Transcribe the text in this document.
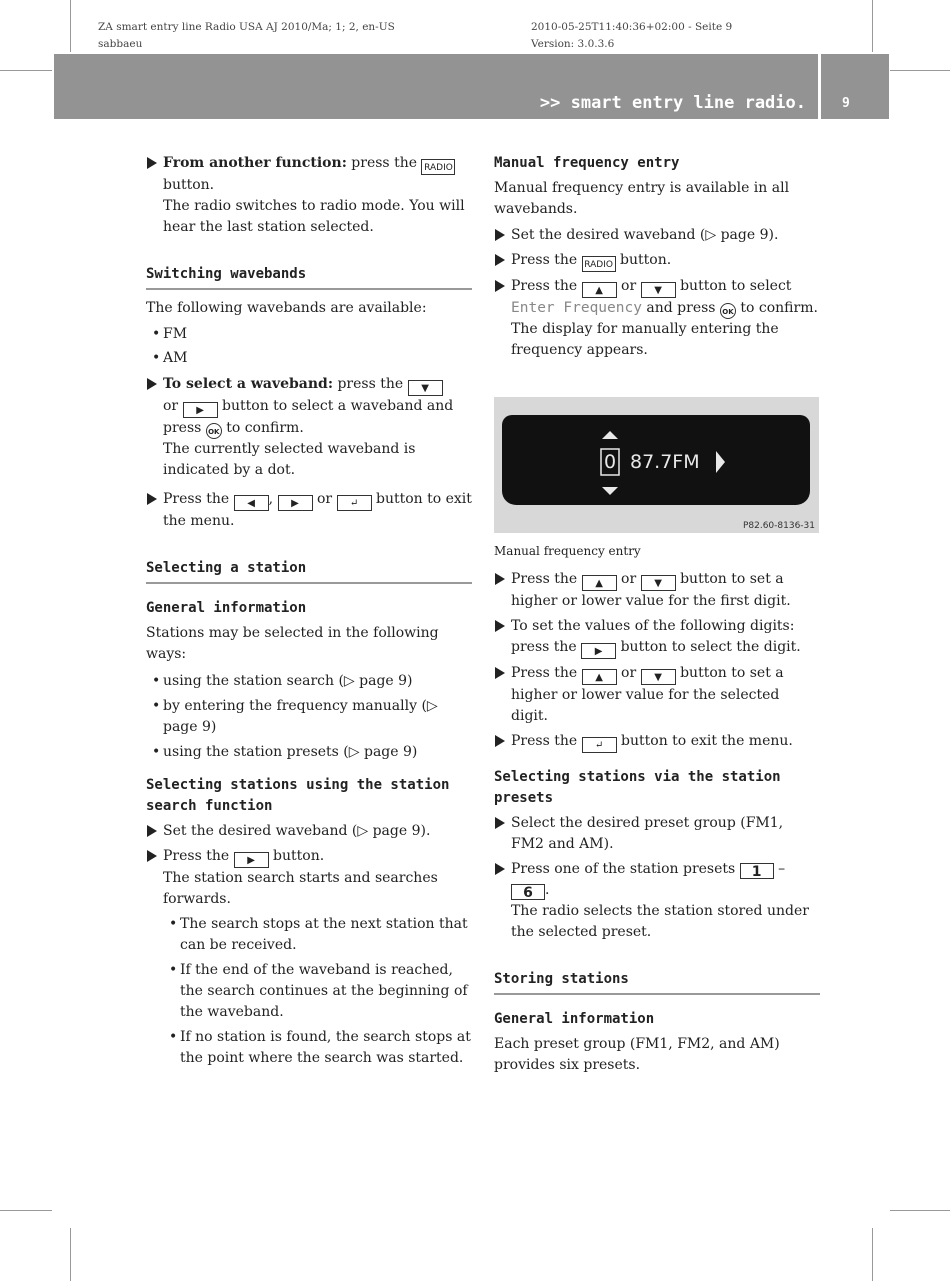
ZA smart entry line Radio USA AJ 2010/Ma; 1; 2, en-US
sabbaeu
2010-05-25T11:40:36+02:00 - Seite 9
Version: 3.0.3.6
>> smart entry line radio.	9
From another function: press the RADIO
button.
The radio switches to radio mode. You will hear the last station selected.

Switching wavebands

The following wavebands are available:

• FM
• AM
To select a waveband: press the ▼
or ▶ button to select a waveband and press OK to confirm.
The currently selected waveband is indicated by a dot.
Press the ◀ , ▶ or ↵ button to exit the menu.

Selecting a station

General information

Stations may be selected in the following ways:

• using the station search (▷ page 9)
• by entering the frequency manually (▷ page 9)
• using the station presets (▷ page 9)

Selecting stations using the station search function

Set the desired waveband (▷ page 9).
Press the ▶ button.
The station search starts and searches forwards.
• The search stops at the next station that can be received.
• If the end of the waveband is reached, the search continues at the beginning of the waveband.
• If no station is found, the search stops at the point where the search was started.

Manual frequency entry

Manual frequency entry is available in all wavebands.

Set the desired waveband (▷ page 9).
Press the RADIO button.
Press the ▲ or ▼ button to select
Enter Frequency and press OK to confirm.
The display for manually entering the frequency appears.
0 87.7FM
P82.60-8136-31
Manual frequency entry
Press the ▲ or ▼ button to set a higher or lower value for the first digit.
To set the values of the following digits: press the ▶ button to select the digit.
Press the ▲ or ▼ button to set a higher or lower value for the selected digit.
Press the ↵ button to exit the menu.

Selecting stations via the station presets

Select the desired preset group (FM1, FM2 and AM).
Press one of the station presets 1 –
6 .
The radio selects the station stored under the selected preset.

Storing stations

General information

Each preset group (FM1, FM2, and AM) provides six presets.
